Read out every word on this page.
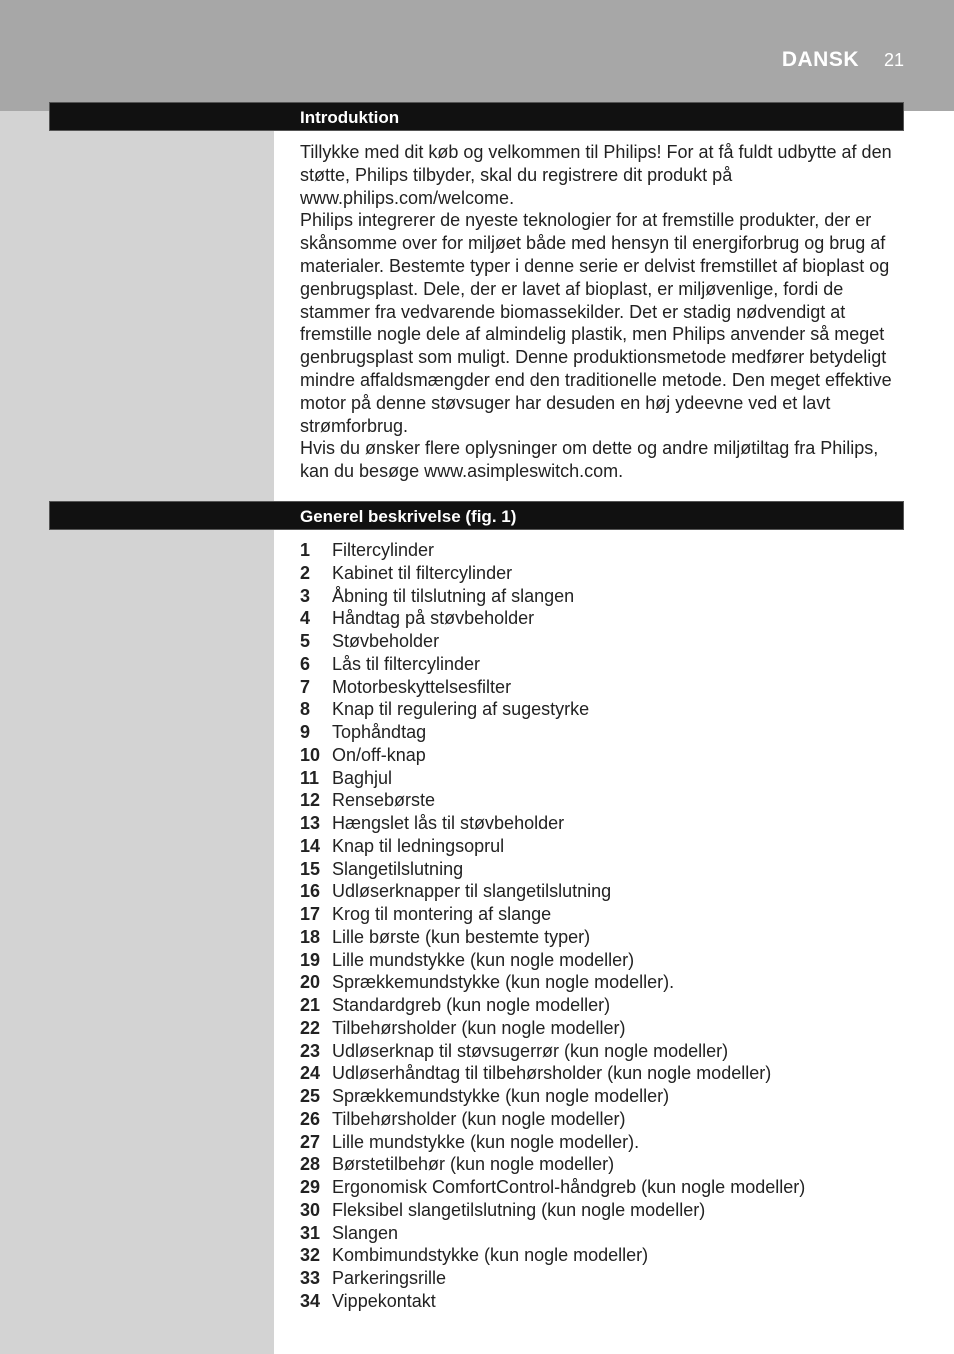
DANSK 21
Introduktion

Tillykke med dit køb og velkommen til Philips! For at få fuldt udbytte af den støtte, Philips tilbyder, skal du registrere dit produkt på www.philips.com/welcome.

Philips integrerer de nyeste teknologier for at fremstille produkter, der er skånsomme over for miljøet både med hensyn til energiforbrug og brug af materialer. Bestemte typer i denne serie er delvist fremstillet af bioplast og genbrugsplast. Dele, der er lavet af bioplast, er miljøvenlige, fordi de stammer fra vedvarende biomassekilder. Det er stadig nødvendigt at fremstille nogle dele af almindelig plastik, men Philips anvender så meget genbrugsplast som muligt. Denne produktionsmetode medfører betydeligt mindre affaldsmængder end den traditionelle metode. Den meget effektive motor på denne støvsuger har desuden en høj ydeevne ved et lavt strømforbrug.

Hvis du ønsker flere oplysninger om dette og andre miljøtiltag fra Philips, kan du besøge www.asimpleswitch.com.

Generel beskrivelse (fig. 1)
1	Filtercylinder
2	Kabinet til filtercylinder
3	Åbning til tilslutning af slangen
4	Håndtag på støvbeholder
5	Støvbeholder
6	Lås til filtercylinder
7	Motorbeskyttelsesfilter
8	Knap til regulering af sugestyrke
9	Tophåndtag
10 On/off-knap
11 Baghjul
12 Rensebørste
13 Hængslet lås til støvbeholder
14 Knap til ledningsoprul
15 Slangetilslutning
16 Udløserknapper til slangetilslutning
17 Krog til montering af slange
18 Lille børste (kun bestemte typer)
19 Lille mundstykke (kun nogle modeller)
20 Sprækkemundstykke (kun nogle modeller).
21 Standardgreb (kun nogle modeller)
22 Tilbehørsholder (kun nogle modeller)
23 Udløserknap til støvsugerrør (kun nogle modeller)
24 Udløserhåndtag til tilbehørsholder (kun nogle modeller)
25 Sprækkemundstykke (kun nogle modeller)
26 Tilbehørsholder (kun nogle modeller)
27 Lille mundstykke (kun nogle modeller).
28 Børstetilbehør (kun nogle modeller)
29 Ergonomisk ComfortControl-håndgreb (kun nogle modeller)
30 Fleksibel slangetilslutning (kun nogle modeller)
31 Slangen
32 Kombimundstykke (kun nogle modeller)
33 Parkeringsrille
34 Vippekontakt
